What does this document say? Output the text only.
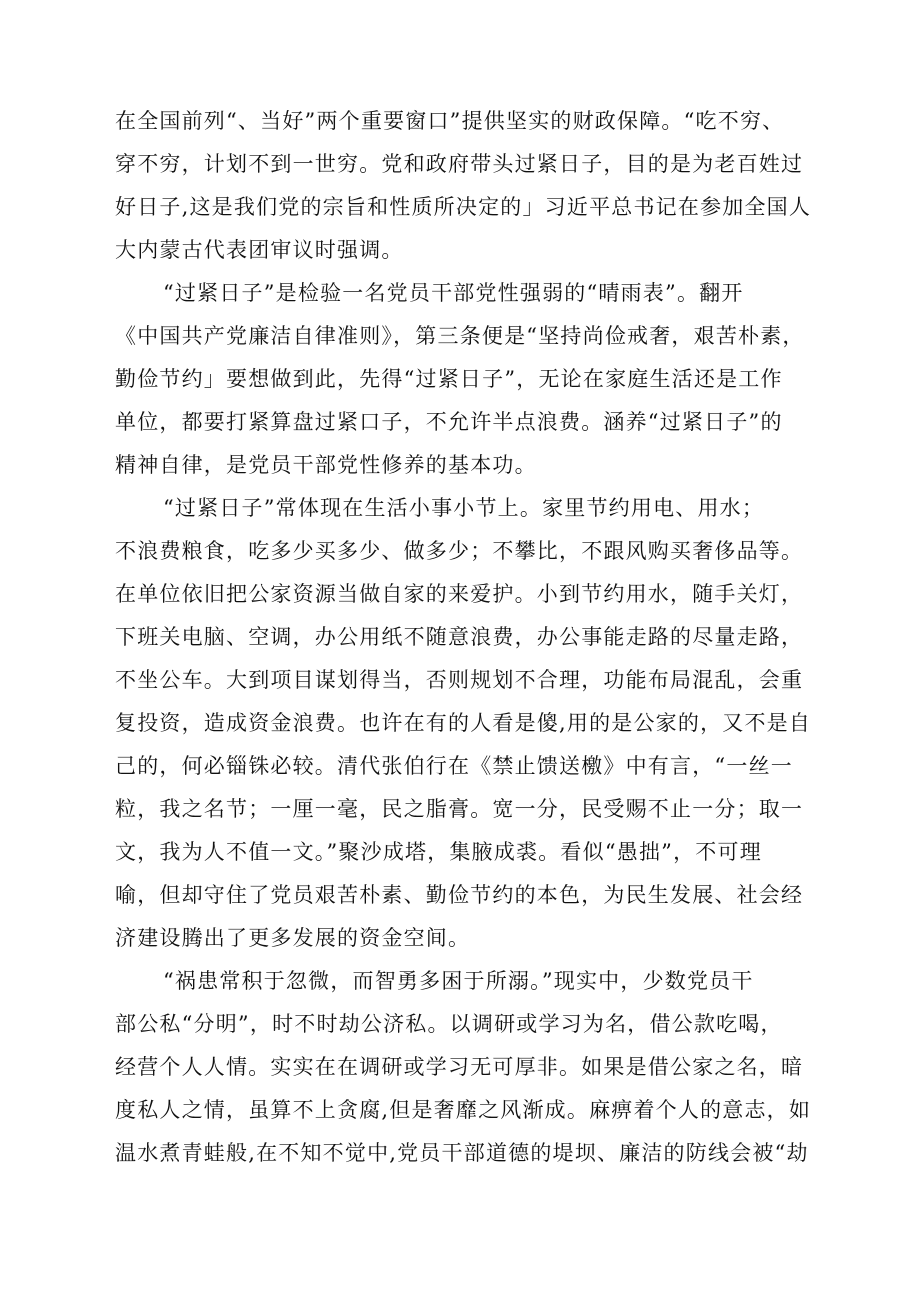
在全国前列“、当好”两个重要窗口”提供坚实的财政保障。“吃不穷、
穿不穷，计划不到一世穷。党和政府带头过紧日子，目的是为老百姓过
好日子,这是我们党的宗旨和性质所决定的」习近平总书记在参加全国人
大内蒙古代表团审议时强调。
“过紧日子”是检验一名党员干部党性强弱的“晴雨表”。翻开
《中国共产党廉洁自律准则》，第三条便是“坚持尚俭戒奢，艰苦朴素，
勤俭节约」要想做到此，先得“过紧日子”，无论在家庭生活还是工作
单位，都要打紧算盘过紧口子，不允许半点浪费。涵养“过紧日子”的
精神自律，是党员干部党性修养的基本功。
“过紧日子”常体现在生活小事小节上。家里节约用电、用水；
不浪费粮食，吃多少买多少、做多少；不攀比，不跟风购买奢侈品等。
在单位依旧把公家资源当做自家的来爱护。小到节约用水，随手关灯，
下班关电脑、空调，办公用纸不随意浪费，办公事能走路的尽量走路，
不坐公车。大到项目谋划得当，否则规划不合理，功能布局混乱，会重
复投资，造成资金浪费。也许在有的人看是傻,用的是公家的，又不是自
己的，何必锱铢必较。清代张伯行在《禁止馈送檄》中有言，“一丝一
粒，我之名节；一厘一毫，民之脂膏。宽一分，民受赐不止一分；取一
文，我为人不值一文。”聚沙成塔，集腋成裘。看似“愚拙”，不可理
喻，但却守住了党员艰苦朴素、勤俭节约的本色，为民生发展、社会经
济建设腾出了更多发展的资金空间。
“祸患常积于忽微，而智勇多困于所溺。”现实中，少数党员干
部公私“分明”，时不时劫公济私。以调研或学习为名，借公款吃喝，
经营个人人情。实实在在调研或学习无可厚非。如果是借公家之名，暗
度私人之情，虽算不上贪腐,但是奢靡之风渐成。麻痹着个人的意志，如
温水煮青蛙般,在不知不觉中,党员干部道德的堤坝、廉洁的防线会被“劫
